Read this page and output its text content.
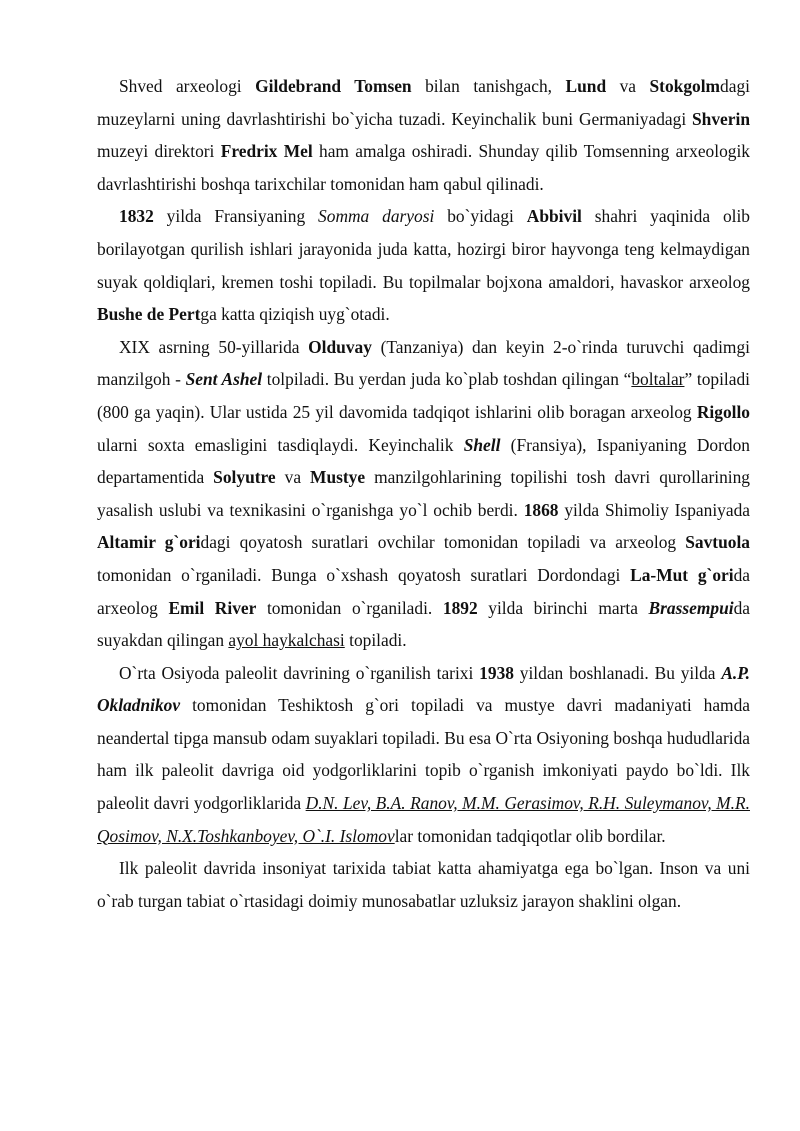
Shved arxeologi Gildebrand Tomsen bilan tanishgach, Lund va Stokgolmdagi muzeylarni uning davrlashtirishi bo`yicha tuzadi. Keyinchalik buni Germaniyadagi Shverin muzeyi direktori Fredrix Mel ham amalga oshiradi. Shunday qilib Tomsenning arxeologik davrlashtirishi boshqa tarixchilar tomonidan ham qabul qilinadi.

1832 yilda Fransiyaning Somma daryosi bo`yidagi Abbivil shahri yaqinida olib borilayotgan qurilish ishlari jarayonida juda katta, hozirgi biror hayvonga teng kelmaydigan suyak qoldiqlari, kremen toshi topiladi. Bu topilmalar bojxona amaldori, havaskor arxeolog Bushe de Pertga katta qiziqish uyg`otadi.

XIX asrning 50-yillarida Olduvay (Tanzaniya) dan keyin 2-o`rinda turuvchi qadimgi manzilgoh - Sent Ashel tolpiladi. Bu yerdan juda ko`plab toshdan qilingan “boltalar” topiladi (800 ga yaqin). Ular ustida 25 yil davomida tadqiqot ishlarini olib boragan arxeolog Rigollo ularni soxta emasligini tasdiqlaydi. Keyinchalik Shell (Fransiya), Ispaniyaning Dordon departamentida Solyutre va Mustye manzilgohlarining topilishi tosh davri qurollarining yasalish uslubi va texnikasini o`rganishga yo`l ochib berdi. 1868 yilda Shimoliy Ispaniyada Altamir g`oridagi qoyatosh suratlari ovchilar tomonidan topiladi va arxeolog Savtuola tomonidan o`rganiladi. Bunga o`xshash qoyatosh suratlari Dordondagi La-Mut g`orida arxeolog Emil River tomonidan o`rganiladi. 1892 yilda birinchi marta Brassempuida suyakdan qilingan ayol haykalchasi topiladi.

O`rta Osiyoda paleolit davrining o`rganilish tarixi 1938 yildan boshlanadi. Bu yilda A.P. Okladnikov tomonidan Teshiktosh g`ori topiladi va mustye davri madaniyati hamda neandertal tipga mansub odam suyaklari topiladi. Bu esa O`rta Osiyoning boshqa hududlarida ham ilk paleolit davriga oid yodgorliklarini topib o`rganish imkoniyati paydo bo`ldi. Ilk paleolit davri yodgorliklarida D.N. Lev, B.A. Ranov, M.M. Gerasimov, R.H. Suleymanov, M.R. Qosimov, N.X.Toshkanboyev, O`.I. Islomovlar tomonidan tadqiqotlar olib bordilar.

Ilk paleolit davrida insoniyat tarixida tabiat katta ahamiyatga ega bo`lgan. Inson va uni o`rab turgan tabiat o`rtasidagi doimiy munosabatlar uzluksiz jarayon shaklini olgan.
